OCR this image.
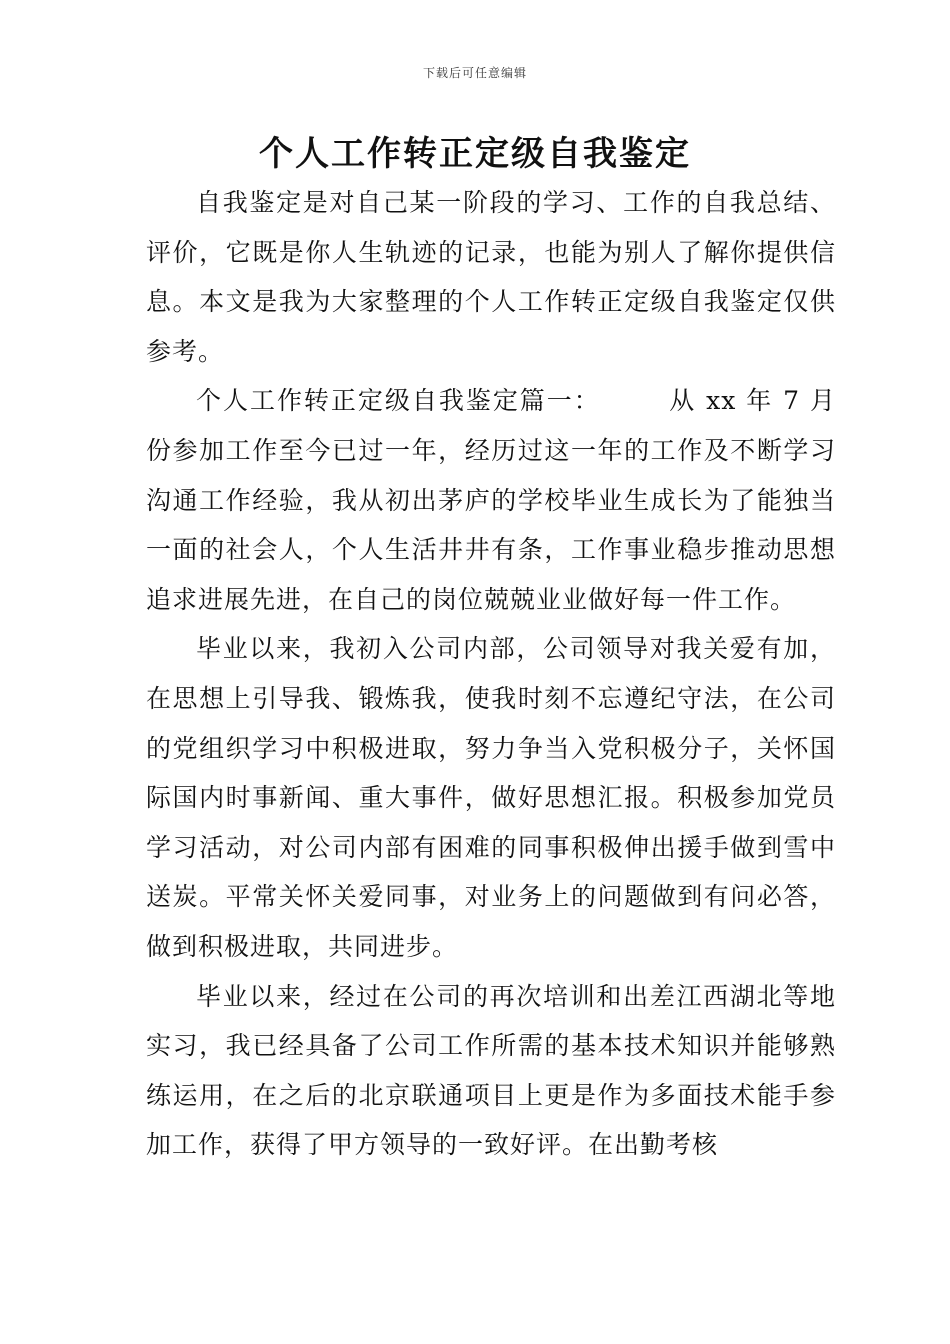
下载后可任意编辑
个人工作转正定级自我鉴定

自我鉴定是对自己某一阶段的学习、工作的自我总结、评价，它既是你人生轨迹的记录，也能为别人了解你提供信息。本文是我为大家整理的个人工作转正定级自我鉴定仅供参考。

个人工作转正定级自我鉴定篇一：　　　从 xx 年 7 月份参加工作至今已过一年，经历过这一年的工作及不断学习沟通工作经验，我从初出茅庐的学校毕业生成长为了能独当一面的社会人，个人生活井井有条，工作事业稳步推动思想追求进展先进，在自己的岗位兢兢业业做好每一件工作。

毕业以来，我初入公司内部，公司领导对我关爱有加，在思想上引导我、锻炼我，使我时刻不忘遵纪守法，在公司的党组织学习中积极进取，努力争当入党积极分子，关怀国际国内时事新闻、重大事件，做好思想汇报。积极参加党员学习活动，对公司内部有困难的同事积极伸出援手做到雪中送炭。平常关怀关爱同事，对业务上的问题做到有问必答，做到积极进取，共同进步。

毕业以来，经过在公司的再次培训和出差江西湖北等地实习，我已经具备了公司工作所需的基本技术知识并能够熟练运用，在之后的北京联通项目上更是作为多面技术能手参加工作，获得了甲方领导的一致好评。在出勤考核
